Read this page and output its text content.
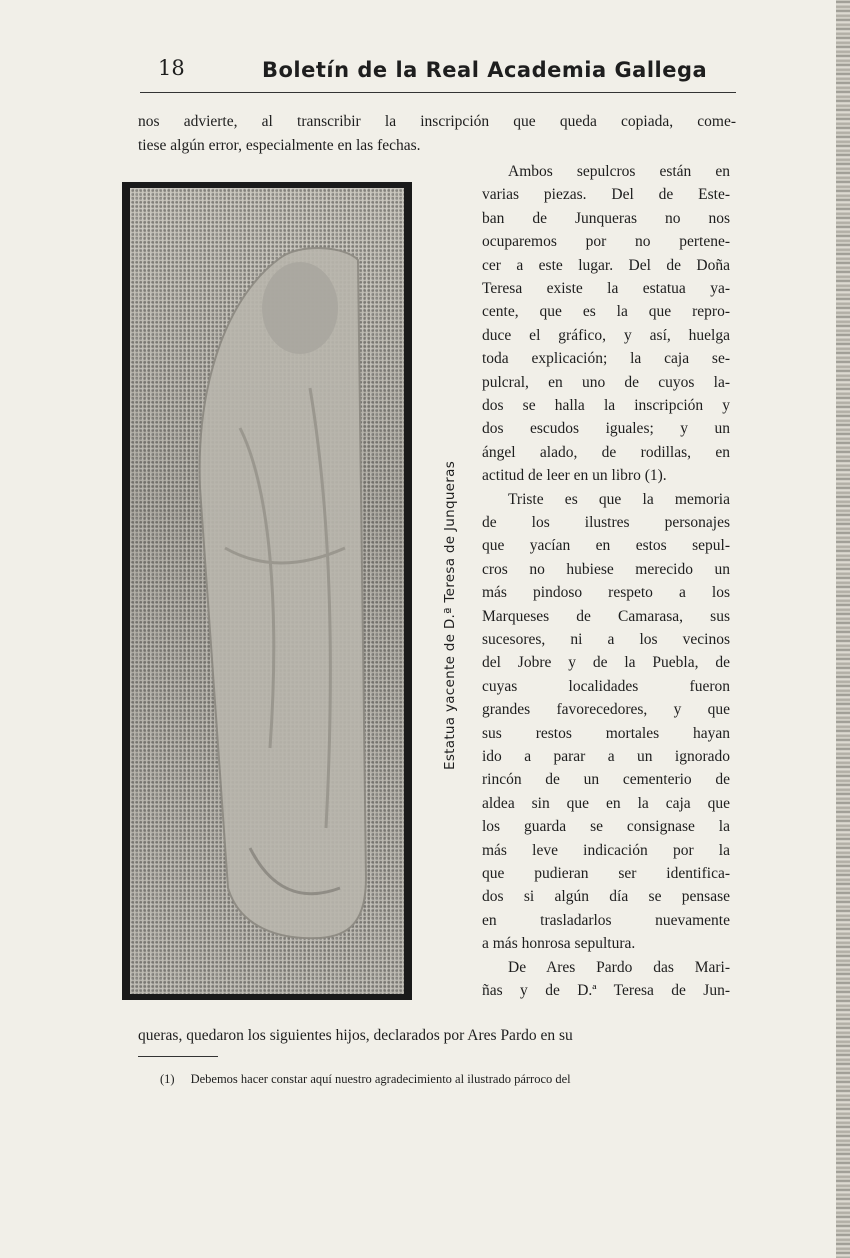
18	Boletín de la Real Academia Gallega
nos advierte, al transcribir la inscripción que queda copiada, come-
tiese algún error, especialmente en las fechas.
Ambos sepulcros están en
varias piezas. Del de Este-
ban de Junqueras no nos
ocuparemos por no pertene-
cer a este lugar. Del de Doña
Teresa existe la estatua ya-
cente, que es la que repro-
duce el gráfico, y así, huelga
toda explicación; la caja se-
pulcral, en uno de cuyos la-
dos se halla la inscripción y
dos escudos iguales; y un
ángel alado, de rodillas, en
actitud de leer en un libro (1).
Triste es que la memoria
de los ilustres personajes
que yacían en estos sepul-
cros no hubiese merecido un
más pindoso respeto a los
Marqueses de Camarasa, sus
sucesores, ni a los vecinos
del Jobre y de la Puebla, de
cuyas localidades fueron
grandes favorecedores, y que
sus restos mortales hayan
ido a parar a un ignorado
rincón de un cementerio de
aldea sin que en la caja que
los guarda se consignase la
más leve indicación por la
que pudieran ser identifica-
dos si algún día se pensase
en trasladarlos nuevamente
a más honrosa sepultura.
De Ares Pardo das Mari-
ñas y de D.ª Teresa de Jun-
queras, quedaron los siguientes hijos, declarados por Ares Pardo en su
Estatua yacente de D.ª Teresa de Junqueras
(1) Debemos hacer constar aquí nuestro agradecimiento al ilustrado párroco del
